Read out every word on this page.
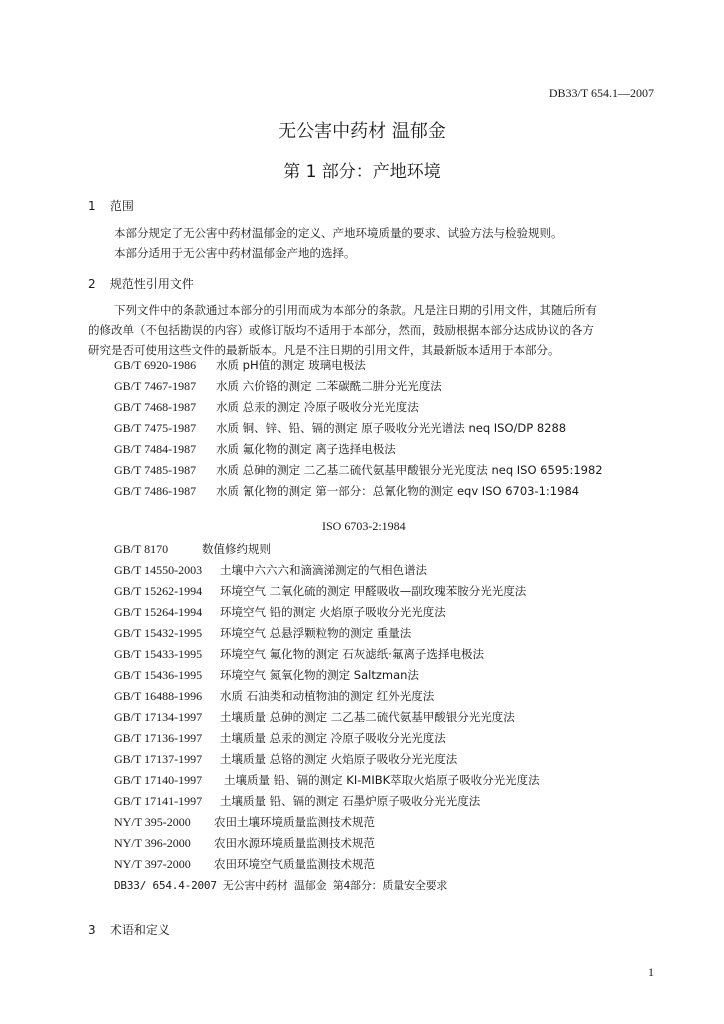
DB33/T 654.1—2007
无公害中药材 温郁金
第 1 部分：产地环境
1 范围
本部分规定了无公害中药材温郁金的定义、产地环境质量的要求、试验方法与检验规则。
本部分适用于无公害中药材温郁金产地的选择。
2 规范性引用文件
下列文件中的条款通过本部分的引用而成为本部分的条款。凡是注日期的引用文件，其随后所有
的修改单（不包括勘误的内容）或修订版均不适用于本部分，然而，鼓励根据本部分达成协议的各方
研究是否可使用这些文件的最新版本。凡是不注日期的引用文件，其最新版本适用于本部分。
GB/T 6920-1986 水质 pH值的测定 玻璃电极法
GB/T 7467-1987 水质 六价铬的测定 二苯碳酰二肼分光光度法
GB/T 7468-1987 水质 总汞的测定 冷原子吸收分光光度法
GB/T 7475-1987 水质 铜、锌、铅、镉的测定 原子吸收分光光谱法 neq ISO/DP 8288
GB/T 7484-1987 水质 氟化物的测定 离子选择电极法
GB/T 7485-1987 水质 总砷的测定 二乙基二硫代氨基甲酸银分光光度法 neq ISO 6595:1982
GB/T 7486-1987 水质 氰化物的测定 第一部分：总氰化物的测定 eqv ISO 6703-1:1984
GB/T 8170	数值修约规则
GB/T 14550-2003 土壤中六六六和滴滴涕测定的气相色谱法
GB/T 15262-1994 环境空气 二氧化硫的测定 甲醛吸收—副玫瑰苯胺分光光度法
GB/T 15264-1994 环境空气 铅的测定 火焰原子吸收分光光度法
GB/T 15432-1995 环境空气 总悬浮颗粒物的测定 重量法
GB/T 15433-1995 环境空气 氟化物的测定 石灰滤纸·氟离子选择电极法
GB/T 15436-1995 环境空气 氮氧化物的测定 Saltzman法
GB/T 16488-1996 水质 石油类和动植物油的测定 红外光度法
GB/T 17134-1997 土壤质量 总砷的测定 二乙基二硫代氨基甲酸银分光光度法
GB/T 17136-1997 土壤质量 总汞的测定 冷原子吸收分光光度法
GB/T 17137-1997 土壤质量 总铬的测定 火焰原子吸收分光光度法
GB/T 17140-1997 土壤质量 铅、镉的测定 KI-MIBK萃取火焰原子吸收分光光度法
GB/T 17141-1997 土壤质量 铅、镉的测定 石墨炉原子吸收分光光度法
NY/T 395-2000 农田土壤环境质量监测技术规范
NY/T 396-2000 农田水源环境质量监测技术规范
NY/T 397-2000 农田环境空气质量监测技术规范
DB33/ 654.4-2007 无公害中药材 温郁金 第4部分：质量安全要求
ISO 6703-2:1984
3 术语和定义
1
